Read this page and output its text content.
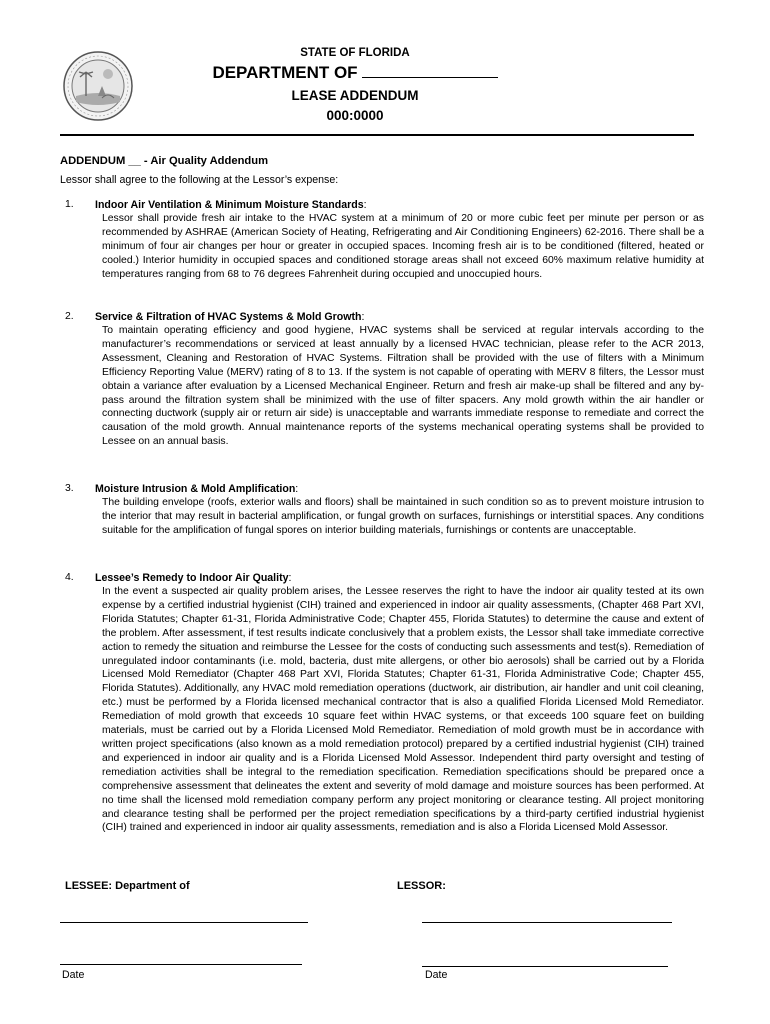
STATE OF FLORIDA
DEPARTMENT OF
LEASE ADDENDUM
000:0000
ADDENDUM __ - Air Quality Addendum
Lessor shall agree to the following at the Lessor’s expense:
1. Indoor Air Ventilation & Minimum Moisture Standards:
Lessor shall provide fresh air intake to the HVAC system at a minimum of 20 or more cubic feet per minute per person or as recommended by ASHRAE (American Society of Heating, Refrigerating and Air Conditioning Engineers) 62-2016. There shall be a minimum of four air changes per hour or greater in occupied spaces. Incoming fresh air is to be conditioned (filtered, heated or cooled.) Interior humidity in occupied spaces and conditioned storage areas shall not exceed 60% maximum relative humidity at temperatures ranging from 68 to 76 degrees Fahrenheit during occupied and unoccupied hours.
2. Service & Filtration of HVAC Systems & Mold Growth:
To maintain operating efficiency and good hygiene, HVAC systems shall be serviced at regular intervals according to the manufacturer’s recommendations or serviced at least annually by a licensed HVAC technician, please refer to the ACR 2013, Assessment, Cleaning and Restoration of HVAC Systems. Filtration shall be provided with the use of filters with a Minimum Efficiency Reporting Value (MERV) rating of 8 to 13. If the system is not capable of operating with MERV 8 filters, the Lessor must obtain a variance after evaluation by a Licensed Mechanical Engineer. Return and fresh air make-up shall be filtered and any by-pass around the filtration system shall be minimized with the use of filter spacers. Any mold growth within the air handler or connecting ductwork (supply air or return air side) is unacceptable and warrants immediate response to remediate and correct the causation of the mold growth. Annual maintenance reports of the systems mechanical operating systems shall be provided to Lessee on an annual basis.
3. Moisture Intrusion & Mold Amplification:
The building envelope (roofs, exterior walls and floors) shall be maintained in such condition so as to prevent moisture intrusion to the interior that may result in bacterial amplification, or fungal growth on surfaces, furnishings or interstitial spaces. Any conditions suitable for the amplification of fungal spores on interior building materials, furnishings or contents are unacceptable.
4. Lessee’s Remedy to Indoor Air Quality:
In the event a suspected air quality problem arises, the Lessee reserves the right to have the indoor air quality tested at its own expense by a certified industrial hygienist (CIH) trained and experienced in indoor air quality assessments, (Chapter 468 Part XVI, Florida Statutes; Chapter 61-31, Florida Administrative Code; Chapter 455, Florida Statutes) to determine the cause and extent of the problem. After assessment, if test results indicate conclusively that a problem exists, the Lessor shall take immediate corrective action to remedy the situation and reimburse the Lessee for the costs of conducting such assessments and test(s). Remediation of unregulated indoor contaminants (i.e. mold, bacteria, dust mite allergens, or other bio aerosols) shall be carried out by a Florida Licensed Mold Remediator (Chapter 468 Part XVI, Florida Statutes; Chapter 61-31, Florida Administrative Code; Chapter 455, Florida Statutes). Additionally, any HVAC mold remediation operations (ductwork, air distribution, air handler and unit coil cleaning, etc.) must be performed by a Florida licensed mechanical contractor that is also a qualified Florida Licensed Mold Remediator. Remediation of mold growth that exceeds 10 square feet within HVAC systems, or that exceeds 100 square feet on building materials, must be carried out by a Florida Licensed Mold Remediator. Remediation of mold growth must be in accordance with written project specifications (also known as a mold remediation protocol) prepared by a certified industrial hygienist (CIH) trained and experienced in indoor air quality and is a Florida Licensed Mold Assessor. Independent third party oversight and testing of remediation activities shall be integral to the remediation specification. Remediation specifications should be prepared once a comprehensive assessment that delineates the extent and severity of mold damage and moisture sources has been performed. At no time shall the licensed mold remediation company perform any project monitoring or clearance testing. All project monitoring and clearance testing shall be performed per the project remediation specifications by a third-party certified industrial hygienist (CIH) trained and experienced in indoor air quality assessments, remediation and is also a Florida Licensed Mold Assessor.
LESSEE: Department of	LESSOR:
Date	Date
